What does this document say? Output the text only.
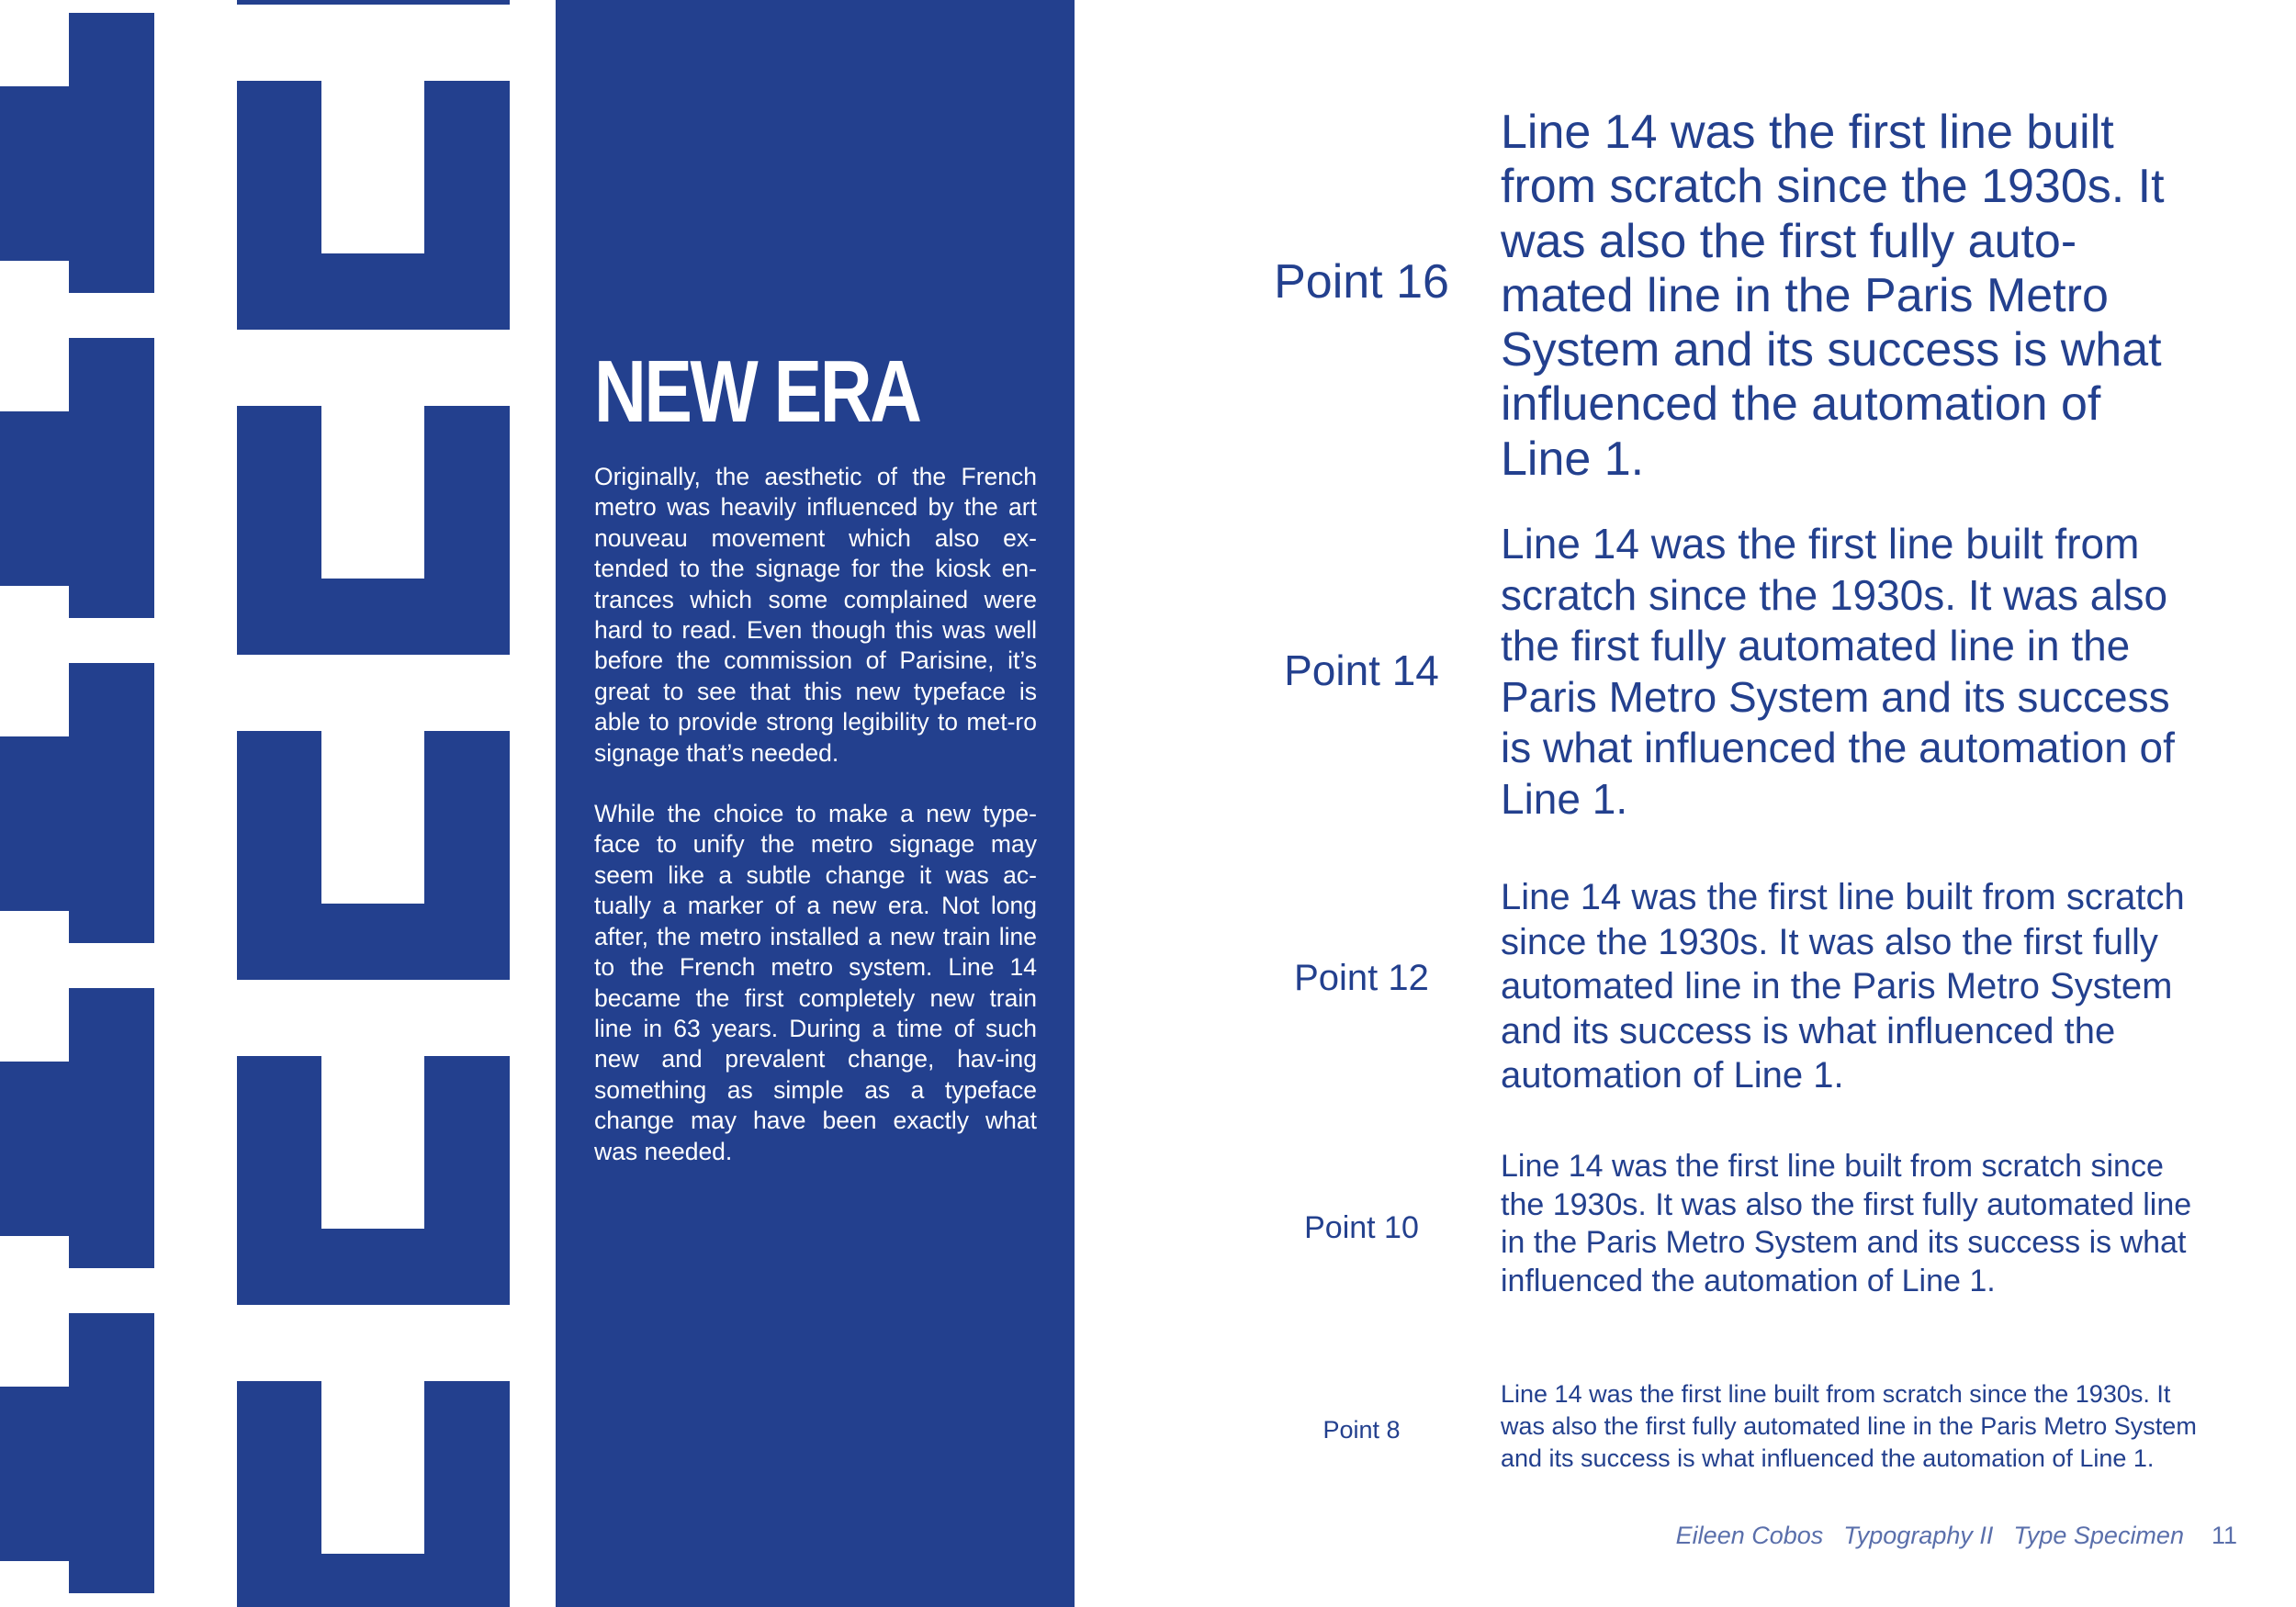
NEW ERA

Originally, the aesthetic of the French metro was heavily influenced by the art nouveau movement which also ex-tended to the signage for the kiosk en-trances which some complained were hard to read. Even though this was well before the commission of Parisine, it’s great to see that this new typeface is able to provide strong legibility to met-ro signage that’s needed.

While the choice to make a new type-face to unify the metro signage may seem like a subtle change it was ac-tually a marker of a new era. Not long after, the metro installed a new train line to the French metro system. Line 14 became the first completely new train line in 63 years. During a time of such new and prevalent change, hav-ing something as simple as a typeface change may have been exactly what was needed.

Point 16

Line 14 was the first line built from scratch since the 1930s. It was also the first fully auto-mated line in the Paris Metro System and its success is what influenced the automation of Line 1.

Point 14

Line 14 was the first line built from scratch since the 1930s. It was also the first fully automated line in the Paris Metro System and its success is what influenced the automation of Line 1.

Point 12

Line 14 was the first line built from scratch since the 1930s. It was also the first fully automated line in the Paris Metro System and its success is what influenced the automation of Line 1.

Point 10

Line 14 was the first line built from scratch since the 1930s. It was also the first fully automated line in the Paris Metro System and its success is what influenced the automation of Line 1.

Point 8

Line 14 was the first line built from scratch since the 1930s. It was also the first fully automated line in the Paris Metro System and its success is what influenced the automation of Line 1.

Eileen Cobos Typography II Type Specimen 11
